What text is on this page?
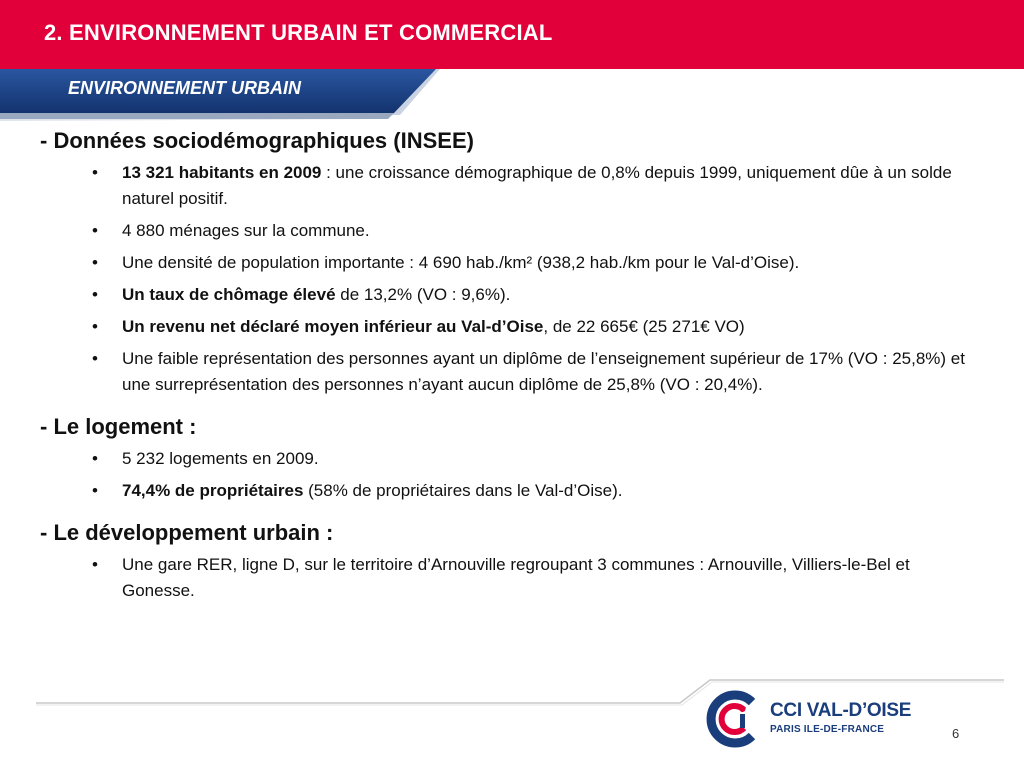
2. ENVIRONNEMENT URBAIN ET COMMERCIAL
ENVIRONNEMENT URBAIN

- Données sociodémographiques (INSEE)

• 13 321 habitants en 2009 : une croissance démographique de 0,8% depuis 1999, uniquement dûe à un solde naturel positif.
• 4 880 ménages sur la commune.
• Une densité de population importante : 4 690 hab./km² (938,2 hab./km pour le Val-d’Oise).
• Un taux de chômage élevé de 13,2% (VO : 9,6%).
• Un revenu net déclaré moyen inférieur au Val-d’Oise, de 22 665€ (25 271€ VO)
• Une faible représentation des personnes ayant un diplôme de l’enseignement supérieur de 17% (VO : 25,8%) et une surreprésentation des personnes n’ayant aucun diplôme de 25,8% (VO : 20,4%).

- Le logement :

• 5 232 logements en 2009.
• 74,4% de propriétaires (58% de propriétaires dans le Val-d’Oise).

- Le développement urbain :

• Une gare RER, ligne D, sur le territoire d’Arnouville regroupant 3 communes : Arnouville, Villiers-le-Bel et Gonesse.
CCI VAL-D’OISE
PARIS ILE-DE-FRANCE	6
